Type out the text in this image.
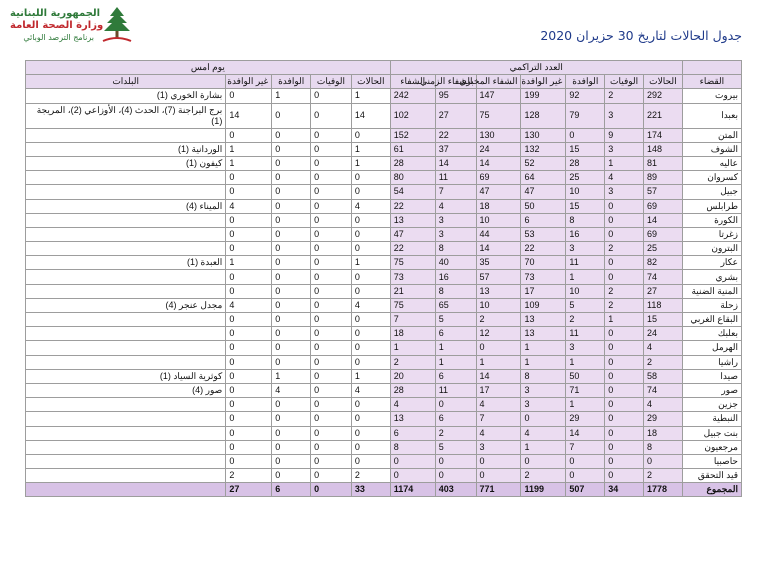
الجمهورية اللبنانية
وزارة الصحة العامة
برنامج الترصد الوبائي	جدول الحالات لتاريخ 30 حزيران 2020
	العدد التراكمي							يوم امس				
القضاء	الحالات	الوفيات	الوافدة	غير الوافدة	الشفاء المخبري	الشفاء الزمني	الشفاء	الحالات	الوفيات	الوافدة	غير الوافدة	البلدات
بيروت	292	2	92	199	147	95	242	1	0	1	0	بشارة الخوري (1)
بعبدا	221	3	79	128	75	27	102	14	0	0	14	برج البراجنة (7)، الحدث (4)، الأوزاعي (2)، المريجة (1)
المتن	174	9	0	130	130	22	152	0	0	0	0	
الشوف	148	3	15	132	24	37	61	1	0	0	1	الوردانية (1)
عاليه	81	1	28	52	14	14	28	1	0	0	1	كيفون (1)
كسروان	89	4	25	64	69	11	80	0	0	0	0	
جبيل	57	3	10	47	47	7	54	0	0	0	0	
طرابلس	69	0	15	50	18	4	22	4	0	0	4	الميناء (4)
الكورة	14	0	8	6	10	3	13	0	0	0	0	
زغرتا	69	0	16	53	44	3	47	0	0	0	0	
البترون	25	2	3	22	14	8	22	0	0	0	0	
عكار	82	0	11	70	35	40	75	1	0	0	1	العبدة (1)
بشري	74	0	1	73	57	16	73	0	0	0	0	
المنية الضنية	27	2	10	17	13	8	21	0	0	0	0	
زحلة	118	2	5	109	10	65	75	4	0	0	4	مجدل عنجر (4)
البقاع الغربي	15	1	2	13	2	5	7	0	0	0	0	
بعلبك	24	0	11	13	12	6	18	0	0	0	0	
الهرمل	4	0	3	1	0	1	1	0	0	0	0	
راشيا	2	0	1	1	1	1	2	0	0	0	0	
صيدا	58	0	50	8	14	6	20	1	0	1	0	كوثرية السياد (1)
صور	74	0	71	3	17	11	28	4	0	4	0	صور (4)
جزين	4	0	1	3	4	0	4	0	0	0	0	
النبطية	29	0	29	0	7	6	13	0	0	0	0	
بنت جبيل	18	0	14	4	4	2	6	0	0	0	0	
مرجعيون	8	0	7	1	3	5	8	0	0	0	0	
حاصبيا	0	0	0	0	0	0	0	0	0	0	0	
قيد التحقق	2	0	0	2	0	0	0	2	0	0	2	
المجموع	1778	34	507	1199	771	403	1174	33	0	6	27	
